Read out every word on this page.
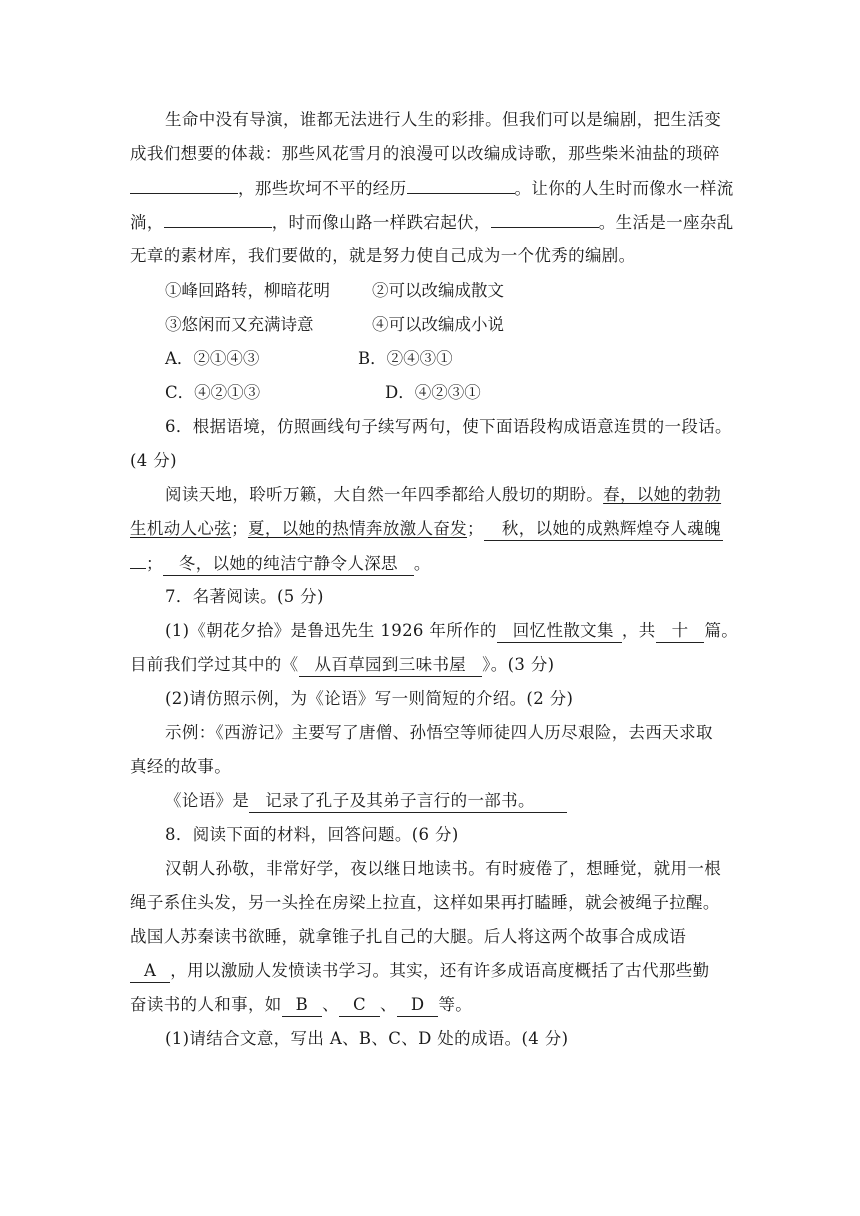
生命中没有导演，谁都无法进行人生的彩排。但我们可以是编剧，把生活变
成我们想要的体裁：那些风花雪月的浪漫可以改编成诗歌，那些柴米油盐的琐碎
，那些坎坷不平的经历	。让你的人生时而像水一样流
淌，	，时而像山路一样跌宕起伏，	。生活是一座杂乱
无章的素材库，我们要做的，就是努力使自己成为一个优秀的编剧。
①峰回路转，柳暗花明	②可以改编成散文
③悠闲而又充满诗意	④可以改编成小说
A．②①④③	B．②④③①
C．④②①③	D．④②③①
6．根据语境，仿照画线句子续写两句，使下面语段构成语意连贯的一段话。
(4 分)
阅读天地，聆听万籁，大自然一年四季都给人殷切的期盼。春，以她的勃勃
生机动人心弦；夏，以她的热情奔放激人奋发； 秋，以她的成熟辉煌夺人魂魄
； 冬，以她的纯洁宁静令人深思 。
7．名著阅读。(5 分)
(1)《朝花夕拾》是鲁迅先生 1926 年所作的 回忆性散文集 ，共 十 篇。
目前我们学过其中的《 从百草园到三味书屋 》。(3 分)
(2)请仿照示例，为《论语》写一则简短的介绍。(2 分)
示例：《西游记》主要写了唐僧、孙悟空等师徒四人历尽艰险，去西天求取
真经的故事。
《论语》是 记录了孔子及其弟子言行的一部书。
8．阅读下面的材料，回答问题。(6 分)
汉朝人孙敬，非常好学，夜以继日地读书。有时疲倦了，想睡觉，就用一根
绳子系住头发，另一头拴在房梁上拉直，这样如果再打瞌睡，就会被绳子拉醒。
战国人苏秦读书欲睡，就拿锥子扎自己的大腿。后人将这两个故事合成成语
A ，用以激励人发愤读书学习。其实，还有许多成语高度概括了古代那些勤
奋读书的人和事，如 B 、 C 、 D 等。
(1)请结合文意，写出 A、B、C、D 处的成语。(4 分)
